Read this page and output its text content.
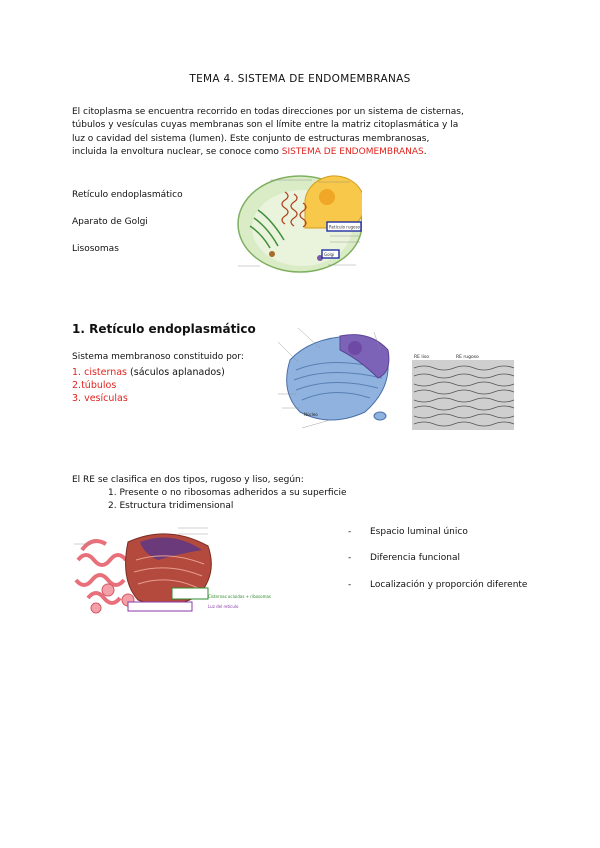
TEMA 4. SISTEMA DE ENDOMEMBRANAS
El citoplasma se encuentra recorrido en todas direcciones por un sistema de cisternas,
túbulos y vesículas cuyas membranas son el límite entre la matriz citoplasmática y la
luz o cavidad del sistema (lumen). Este conjunto de estructuras membranosas,
incluida la envoltura nuclear, se conoce como SISTEMA DE ENDOMEMBRANAS.
Retículo endoplasmático
Aparato de Golgi
Lisosomas
Retículo rugoso
Golgi
1. Retículo endoplasmático
Sistema membranoso constituido por:
1. cisternas (sáculos aplanados)
2.túbulos
3. vesículas
Núcleo
RE liso	RE rugoso
El RE se clasifica en dos tipos, rugoso y liso, según:
1. Presente o no ribosomas adheridos a su superficie
2. Estructura tridimensional
Cisternas ocluidas + ribosomas
Luz del retículo
- Espacio luminal único
- Diferencia funcional
- Localización y proporción diferente
